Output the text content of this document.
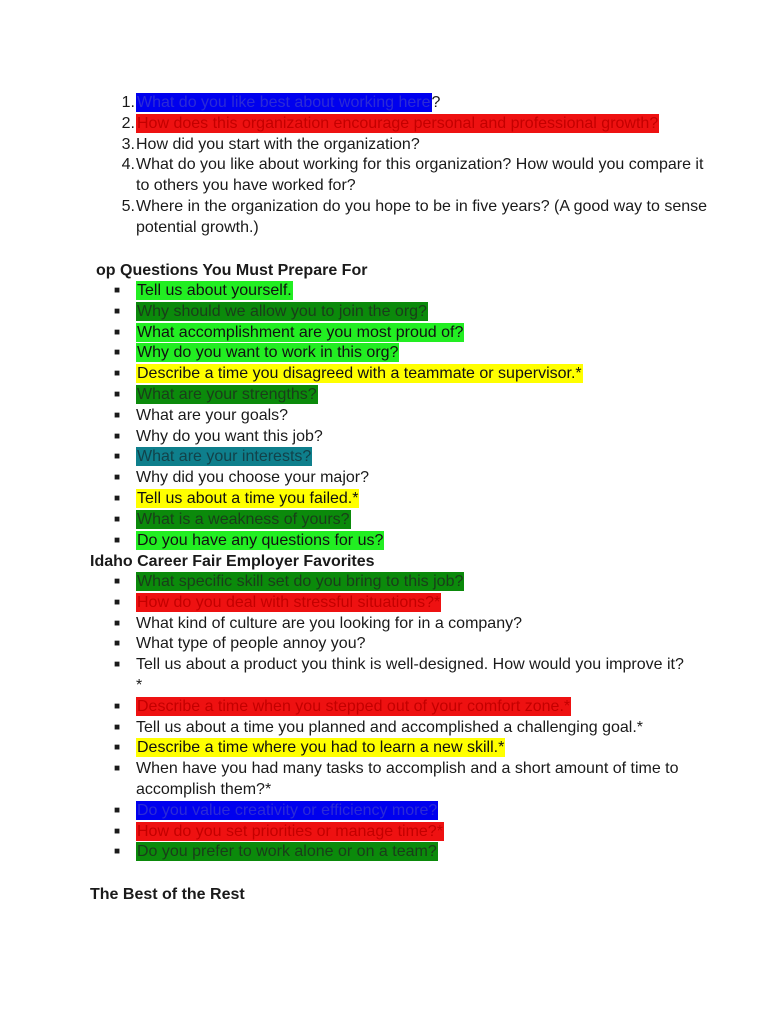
1. What do you like best about working here?
2. How does this organization encourage personal and professional growth?
3. How did you start with the organization?
4. What do you like about working for this organization? How would you compare it to others you have worked for?
5. Where in the organization do you hope to be in five years? (A good way to sense potential growth.)
op Questions You Must Prepare For
■	Tell us about yourself.
■	Why should we allow you to join the org?
■	What accomplishment are you most proud of?
■	Why do you want to work in this org?
■	Describe a time you disagreed with a teammate or supervisor.*
■	What are your strengths?
■ What are your goals?
■ Why do you want this job?
■	What are your interests?
■ Why did you choose your major?
■	Tell us about a time you failed.*
■	What is a weakness of yours?
■	Do you have any questions for us?
Idaho Career Fair Employer Favorites
■	What specific skill set do you bring to this job?
■	How do you deal with stressful situations?*
■ What kind of culture are you looking for in a company?
■ What type of people annoy you?
■ Tell us about a product you think is well-designed. How would you improve it?*
■	Describe a time when you stepped out of your comfort zone.*
■ Tell us about a time you planned and accomplished a challenging goal.*
■	Describe a time where you had to learn a new skill.*
■ When have you had many tasks to accomplish and a short amount of time to accomplish them?*
■	Do you value creativity or efficiency more?
■	How do you set priorities or manage time?*
■	Do you prefer to work alone or on a team?
The Best of the Rest
